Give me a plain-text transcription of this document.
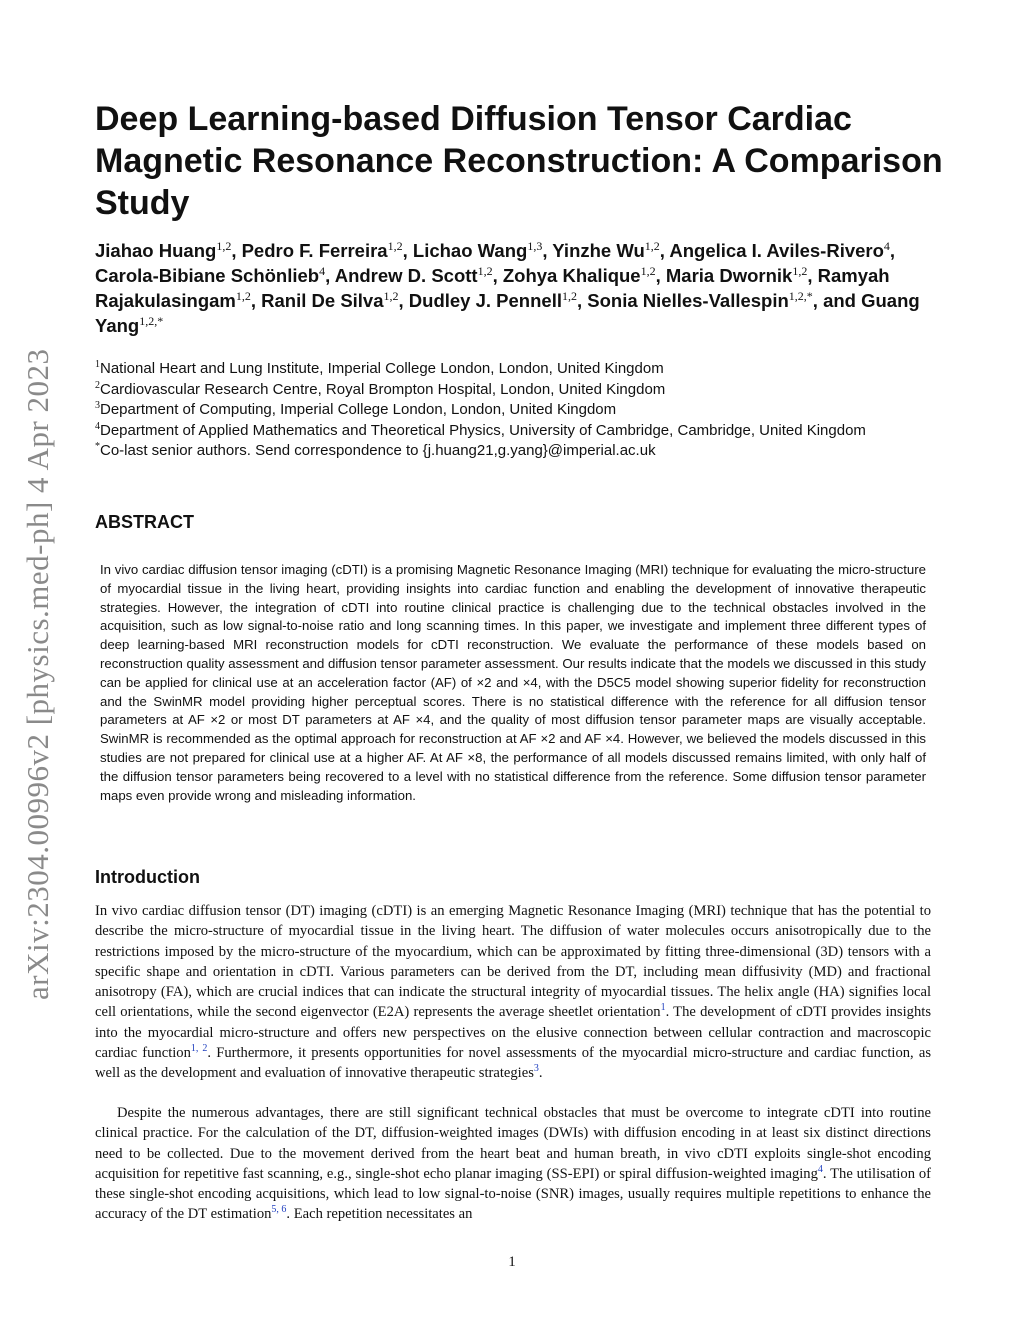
arXiv:2304.00996v2 [physics.med-ph] 4 Apr 2023
Deep Learning-based Diffusion Tensor Cardiac Magnetic Resonance Reconstruction: A Comparison Study

Jiahao Huang$^{1,2}$, Pedro F. Ferreira$^{1,2}$, Lichao Wang$^{1,3}$, Yinzhe Wu$^{1,2}$, Angelica I. Aviles-Rivero$^4$, Carola-Bibiane Schönlieb$^4$, Andrew D. Scott$^{1,2}$, Zohya Khalique$^{1,2}$, Maria Dwornik$^{1,2}$, Ramyah Rajakulasingam$^{1,2}$, Ranil De Silva$^{1,2}$, Dudley J. Pennell$^{1,2}$, Sonia Nielles-Vallespin$^{1,2,*}$, and Guang Yang$^{1,2,*}$

$^1$National Heart and Lung Institute, Imperial College London, London, United Kingdom

$^2$Cardiovascular Research Centre, Royal Brompton Hospital, London, United Kingdom

$^3$Department of Computing, Imperial College London, London, United Kingdom

$^4$Department of Applied Mathematics and Theoretical Physics, University of Cambridge, Cambridge, United Kingdom

*Co-last senior authors. Send correspondence to {j.huang21,g.yang}@imperial.ac.uk

ABSTRACT

In vivo cardiac diffusion tensor imaging (cDTI) is a promising Magnetic Resonance Imaging (MRI) technique for evaluating the micro-structure of myocardial tissue in the living heart, providing insights into cardiac function and enabling the development of innovative therapeutic strategies. However, the integration of cDTI into routine clinical practice is challenging due to the technical obstacles involved in the acquisition, such as low signal-to-noise ratio and long scanning times. In this paper, we investigate and implement three different types of deep learning-based MRI reconstruction models for cDTI reconstruction. We evaluate the performance of these models based on reconstruction quality assessment and diffusion tensor parameter assessment. Our results indicate that the models we discussed in this study can be applied for clinical use at an acceleration factor (AF) of ×2 and ×4, with the D5C5 model showing superior fidelity for reconstruction and the SwinMR model providing higher perceptual scores. There is no statistical difference with the reference for all diffusion tensor parameters at AF ×2 or most DT parameters at AF ×4, and the quality of most diffusion tensor parameter maps are visually acceptable. SwinMR is recommended as the optimal approach for reconstruction at AF ×2 and AF ×4. However, we believed the models discussed in this studies are not prepared for clinical use at a higher AF. At AF ×8, the performance of all models discussed remains limited, with only half of the diffusion tensor parameters being recovered to a level with no statistical difference from the reference. Some diffusion tensor parameter maps even provide wrong and misleading information.

Introduction

In vivo cardiac diffusion tensor (DT) imaging (cDTI) is an emerging Magnetic Resonance Imaging (MRI) technique that has the potential to describe the micro-structure of myocardial tissue in the living heart. The diffusion of water molecules occurs anisotropically due to the restrictions imposed by the micro-structure of the myocardium, which can be approximated by fitting three-dimensional (3D) tensors with a specific shape and orientation in cDTI. Various parameters can be derived from the DT, including mean diffusivity (MD) and fractional anisotropy (FA), which are crucial indices that can indicate the structural integrity of myocardial tissues. The helix angle (HA) signifies local cell orientations, while the second eigenvector (E2A) represents the average sheetlet orientation$^1$. The development of cDTI provides insights into the myocardial micro-structure and offers new perspectives on the elusive connection between cellular contraction and macroscopic cardiac function$^{1, 2}$. Furthermore, it presents opportunities for novel assessments of the myocardial micro-structure and cardiac function, as well as the development and evaluation of innovative therapeutic strategies$^3$.

Despite the numerous advantages, there are still significant technical obstacles that must be overcome to integrate cDTI into routine clinical practice. For the calculation of the DT, diffusion-weighted images (DWIs) with diffusion encoding in at least six distinct directions need to be collected. Due to the movement derived from the heart beat and human breath, in vivo cDTI exploits single-shot encoding acquisition for repetitive fast scanning, e.g., single-shot echo planar imaging (SS-EPI) or spiral diffusion-weighted imaging$^4$. The utilisation of these single-shot encoding acquisitions, which lead to low signal-to-noise (SNR) images, usually requires multiple repetitions to enhance the accuracy of the DT estimation$^{5, 6}$. Each repetition necessitates an

1
